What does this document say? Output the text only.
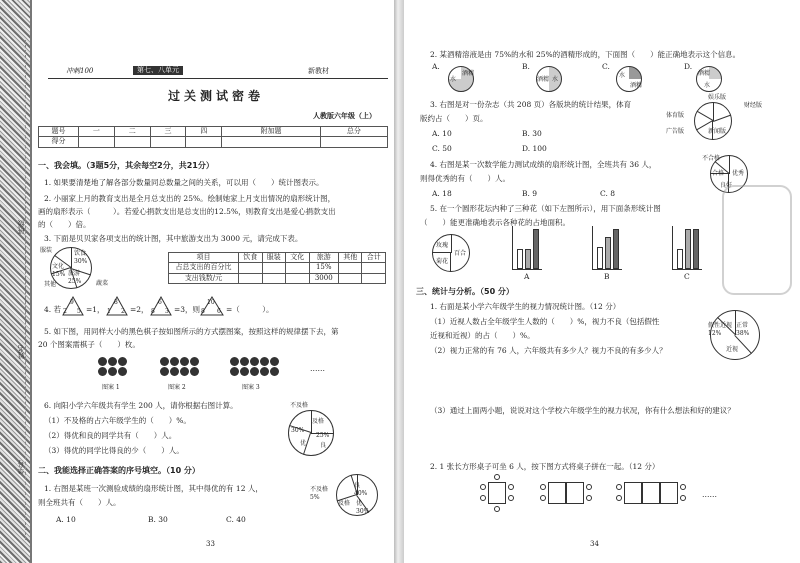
班级
姓名
学号
冲刺100	第七、八单元	新教材
过关测试密卷
人教版六年级（上）
题号	一	二	三	四	附加题	总分
得分						
一、我会填。（3题5分，其余每空2分，共21分）
1. 如果要清楚地了解各部分数量同总数量之间的关系，可以用（　　）统计图表示。
2. 小丽家上月的教育支出是全月总支出的 25%。绘制她家上月支出情况的扇形统计图，
画的扇形表示（　　　）。若爱心捐款支出是总支出的12.5%，则教育支出是爱心捐款支出
的（　　）倍。
3. 下面是贝贝家各项支出的统计图，其中旅游支出为 3000 元，请完成下表。
服装	饮食 30%
文化 15% 旅游 25%
其他	蔬菜
项目	饮食	服装	文化	旅游	其他	合计
占总支出的百分比				15%		
支出钱数/元				3000		
4. 若
9
2 5 =1，
8
1 2 =2，
6
8 3 =3，则
10
8 6 =（　　　）。
5. 如下图，用同样大小的黑色棋子按如图所示的方式摆图案，按照这样的规律摆下去，第
20 个图案需棋子（　　）枚。
图案 1	图案 2	图案 3
……
6. 向阳小学六年级共有学生 200 人，请你根据右图计算。
（1）不及格的占六年级学生的（　　）%。
（2）得优和良的同学共有（　　）人。
（3）得优的同学比得良的少（　　）人。
不及格
及格
30%
优
25%
良
二、我能选择正确答案的序号填空。（10 分）
1. 右图是某班一次测验成绩的扇形统计图，其中得优的有 12 人，
则全班共有（　　）人。
A. 10	B. 30	C. 40
不及格 5%
良 40%
优 30%
及格
33
2. 某酒精溶液是由 75%的水和 25%的酒精形成的，下面图（　　）能正确地表示这个信息。
A.
水
酒精
B.
酒精 水
C.
水
酒精
D.
酒精
水
3. 右图是对一份杂志（共 208 页）各版块的统计结果，体育
版约占（　　）页。
A. 10	B. 30
C. 50	D. 100
娱乐版
财经版
体育版
广告版	新闻版
4. 右图是某一次数学能力测试成绩的扇形统计图，全班共有 36 人，
则得优秀的有（　　）人。
A. 18	B. 9	C. 8
不合格
合格 优秀
良好
5. 在一个圆形花坛内种了三种花（如下左图所示），用下面条形统计图
（　　）能更准确地表示各种花的占地面积。
玫瑰
百合
菊花
A	B	C
三、统计与分析。（50 分）
1. 右面是某小学六年级学生的视力情况统计图。（12 分）
（1）近视人数占全年级学生人数的（　　）%，视力不良（包括假性
近视和近视）的占（　　）%。
（2）视力正常的有 76 人，六年级共有多少人？视力不良的有多少人？
假性近视 12%
正常 38%
近视
（3）通过上面两小题，说说对这个学校六年级学生的视力状况，你有什么想法和好的建议？
2. 1 张长方形桌子可坐 6 人，按下图方式将桌子拼在一起。（12 分）
……
34
